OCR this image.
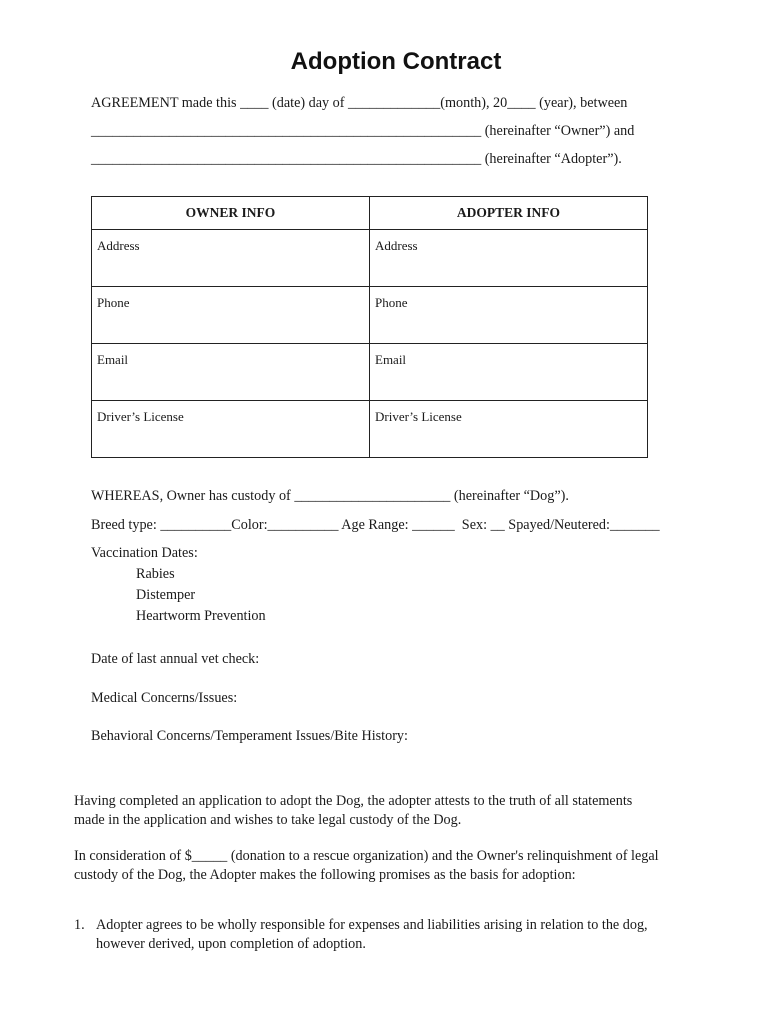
Adoption Contract
AGREEMENT made this ____ (date) day of _____________(month), 20____ (year), between
_______________________________________________________ (hereinafter “Owner”) and
_______________________________________________________ (hereinafter “Adopter”).
OWNER INFO	ADOPTER INFO

Address	Address

Phone	Phone

Email	Email

Driver’s License	Driver’s License
WHEREAS, Owner has custody of ______________________ (hereinafter “Dog”).
Breed type: __________Color:__________ Age Range: ______  Sex: __ Spayed/Neutered:_______
Vaccination Dates:
Rabies
Distemper
Heartworm Prevention
Date of last annual vet check:
Medical Concerns/Issues:
Behavioral Concerns/Temperament Issues/Bite History:
Having completed an application to adopt the Dog, the adopter attests to the truth of all statements
made in the application and wishes to take legal custody of the Dog.
In consideration of $_____ (donation to a rescue organization) and the Owner's relinquishment of legal
custody of the Dog, the Adopter makes the following promises as the basis for adoption:
1. Adopter agrees to be wholly responsible for expenses and liabilities arising in relation to the dog,
however derived, upon completion of adoption.
